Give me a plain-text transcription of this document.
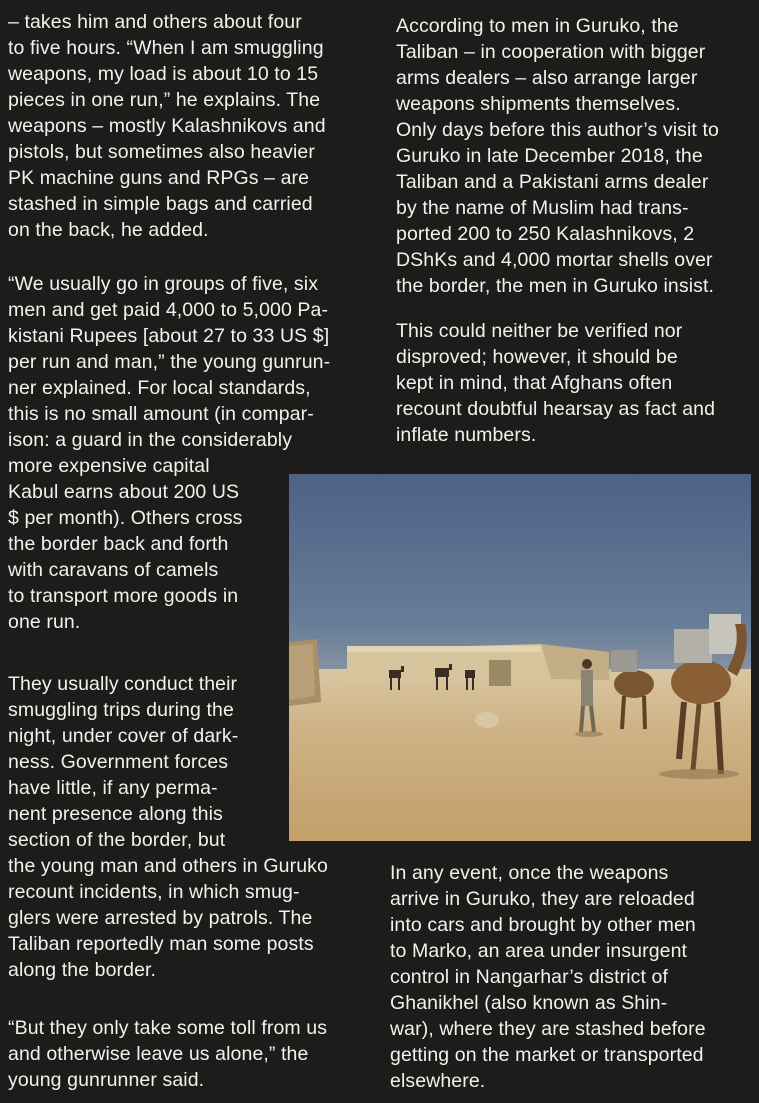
– takes him and others about four
to five hours. “When I am smuggling
weapons, my load is about 10 to 15
pieces in one run,” he explains. The
weapons – mostly Kalashnikovs and
pistols, but sometimes also heavier
PK machine guns and RPGs – are
stashed in simple bags and carried
on the back, he added.
“We usually go in groups of five, six
men and get paid 4,000 to 5,000 Pa-
kistani Rupees [about 27 to 33 US $]
per run and man,” the young gunrun-
ner explained. For local standards,
this is no small amount (in compar-
ison: a guard in the considerably
more expensive capital
Kabul earns about 200 US
$ per month). Others cross
the border back and forth
with caravans of camels
to transport more goods in
one run.
They usually conduct their
smuggling trips during the
night, under cover of dark-
ness. Government forces
have little, if any perma-
nent presence along this
section of the border, but
the young man and others in Guruko
recount incidents, in which smug-
glers were arrested by patrols. The
Taliban reportedly man some posts
along the border.
“But they only take some toll from us
and otherwise leave us alone,” the
young gunrunner said.
According to men in Guruko, the
Taliban – in cooperation with bigger
arms dealers – also arrange larger
weapons shipments themselves.
Only days before this author’s visit to
Guruko in late December 2018, the
Taliban and a Pakistani arms dealer
by the name of Muslim had trans-
ported 200 to 250 Kalashnikovs, 2
DShKs and 4,000 mortar shells over
the border, the men in Guruko insist.
This could neither be verified nor
disproved; however, it should be
kept in mind, that Afghans often
recount doubtful hearsay as fact and
inflate numbers.
In any event, once the weapons
arrive in Guruko, they are reloaded
into cars and brought by other men
to Marko, an area under insurgent
control in Nangarhar’s district of
Ghanikhel (also known as Shin-
war), where they are stashed before
getting on the market or transported
elsewhere.
